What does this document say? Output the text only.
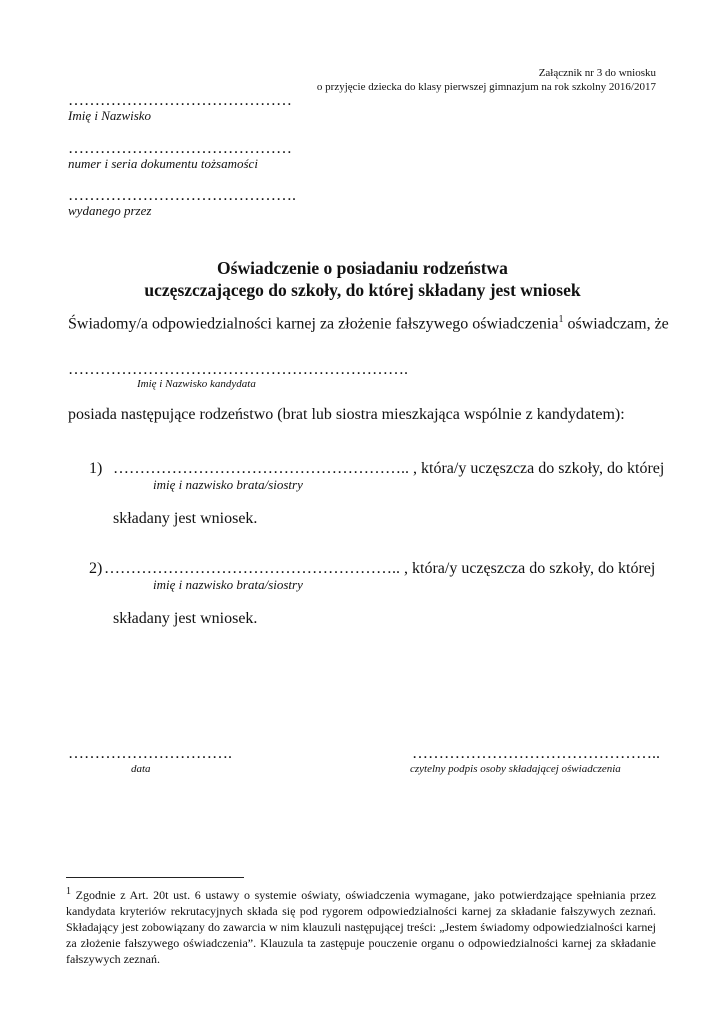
Załącznik nr 3 do wniosku
o przyjęcie dziecka do klasy pierwszej gimnazjum na rok szkolny 2016/2017
……………………………………
Imię i Nazwisko
……………………………………
numer i seria dokumentu tożsamości
…………………………………….
wydanego przez
Oświadczenie o posiadaniu rodzeństwa
uczęszczającego do szkoły, do której składany jest wniosek
Świadomy/a odpowiedzialności karnej za złożenie fałszywego oświadczenia$^1$ oświadczam, że
……………………………………………………….
Imię i Nazwisko kandydata
posiada następujące rodzeństwo (brat lub siostra mieszkająca wspólnie z kandydatem):
1) ……………………………………………….. , która/y uczęszcza do szkoły, do której
imię i nazwisko brata/siostry
składany jest wniosek.
2) ……………………………………………….. , która/y uczęszcza do szkoły, do której
imię i nazwisko brata/siostry
składany jest wniosek.
………………………….
data
………………………………………..
czytelny podpis osoby składającej oświadczenia
$^1$ Zgodnie z Art. 20t ust. 6 ustawy o systemie oświaty, oświadczenia wymagane, jako potwierdzające spełniania przez kandydata kryteriów rekrutacyjnych składa się pod rygorem odpowiedzialności karnej za składanie fałszywych zeznań. Składający jest zobowiązany do zawarcia w nim klauzuli następującej treści: „Jestem świadomy odpowiedzialności karnej za złożenie fałszywego oświadczenia”. Klauzula ta zastępuje pouczenie organu o odpowiedzialności karnej za składanie fałszywych zeznań.
